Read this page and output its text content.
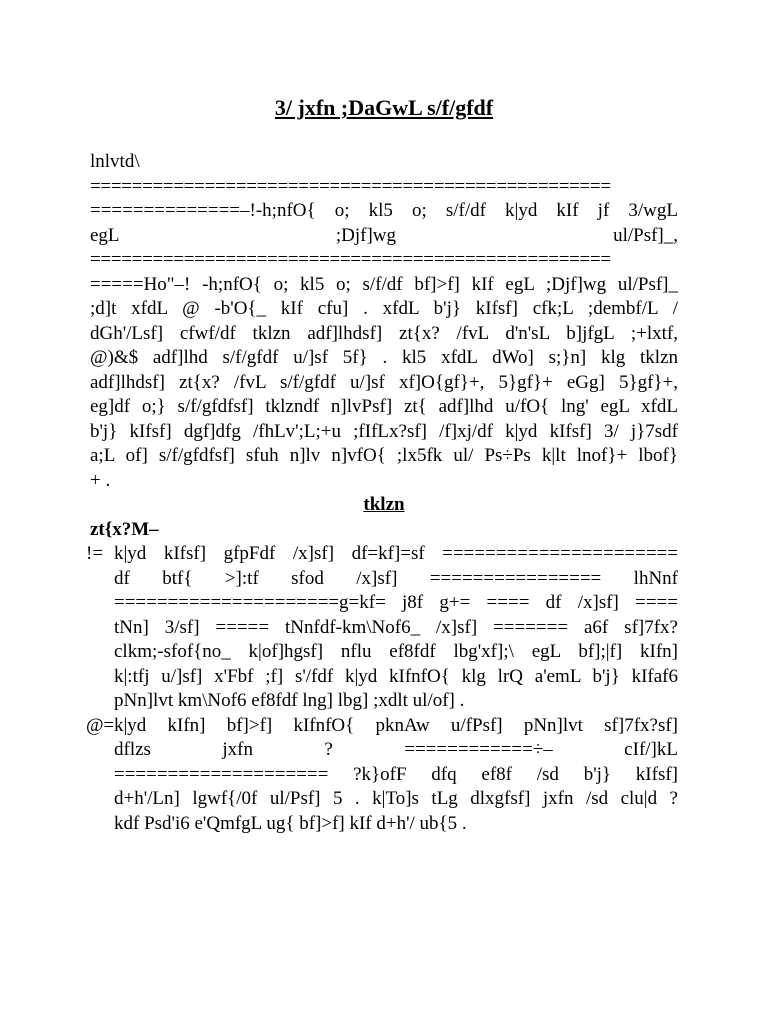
3/ jxfn ;DaGwL s/f/gfdf
lnlvtd\
==================================================
==============–!-h;nfO{ o; kl5 o; s/f/df k|yd kIf jf 3/wgL
egL ;Djf]wg ul/Psf]_,
==================================================
=====Ho"–! -h;nfO{ o; kl5 o; s/f/df bf]>f] kIf egL ;Djf]wg ul/Psf]_
;d]t xfdL @ -b'O{_ kIf cfu] . xfdL b'j} kIfsf] cfk;L ;dembf/L /
dGh'/Lsf] cfwf/df tklzn adf]lhdsf] zt{x? /fvL d'n'sL b]jfgL ;+lxtf,
@)&$ adf]lhd s/f/gfdf u/]sf 5f} . kl5 xfdL dWo] s;}n] klg tklzn
adf]lhdsf] zt{x? /fvL s/f/gfdf u/]sf xf]O{gf}+, 5}gf}+ eGg] 5}gf}+,
eg]df o;} s/f/gfdfsf] tklzndf n]lvPsf] zt{ adf]lhd u/fO{ lng' egL xfdL
b'j} kIfsf] dgf]dfg /fhLv';L;+u ;fIfLx?sf] /f]xj/df k|yd kIfsf] 3/ j}7sdf
a;L of] s/f/gfdfsf] sfuh n]lv n]vfO{ ;lx5fk ul/ Ps÷Ps k|lt lnof}+ lbof}
+ .
tklzn
zt{x?M–
!= k|yd kIfsf] gfpFdf /x]sf] df=kf]=sf ======================
df btf{ >]:tf sfod /x]sf] ================ lhNnf
=====================g=kf= j8f g+= ==== df /x]sf] ====
tNn] 3/sf] ===== tNnfdf-km\Nof6_ /x]sf] ======= a6f sf]7fx?
clkm;-sfof{no_ k|of]hgsf] nflu ef8fdf lbg'xf];\ egL bf];|f] kIfn]
k|:tfj u/]sf] x'Fbf ;f] s'/fdf k|yd kIfnfO{ klg lrQ a'emL b'j} kIfaf6
pNn]lvt km\Nof6 ef8fdf lng] lbg] ;xdlt ul/of] .
@= k|yd kIfn] bf]>f] kIfnfO{ pknAw u/fPsf] pNn]lvt sf]7fx?sf]
dflzs jxfn ? ============÷– cIf/]kL
==================== ?k}ofF dfq ef8f /sd b'j} kIfsf]
d+h'/Ln] lgwf{/0f ul/Psf] 5 . k|To]s tLg dlxgfsf] jxfn /sd clu|d ?
kdf Psd'i6 e'QmfgL ug{ bf]>f] kIf d+h'/ ub{5 .
